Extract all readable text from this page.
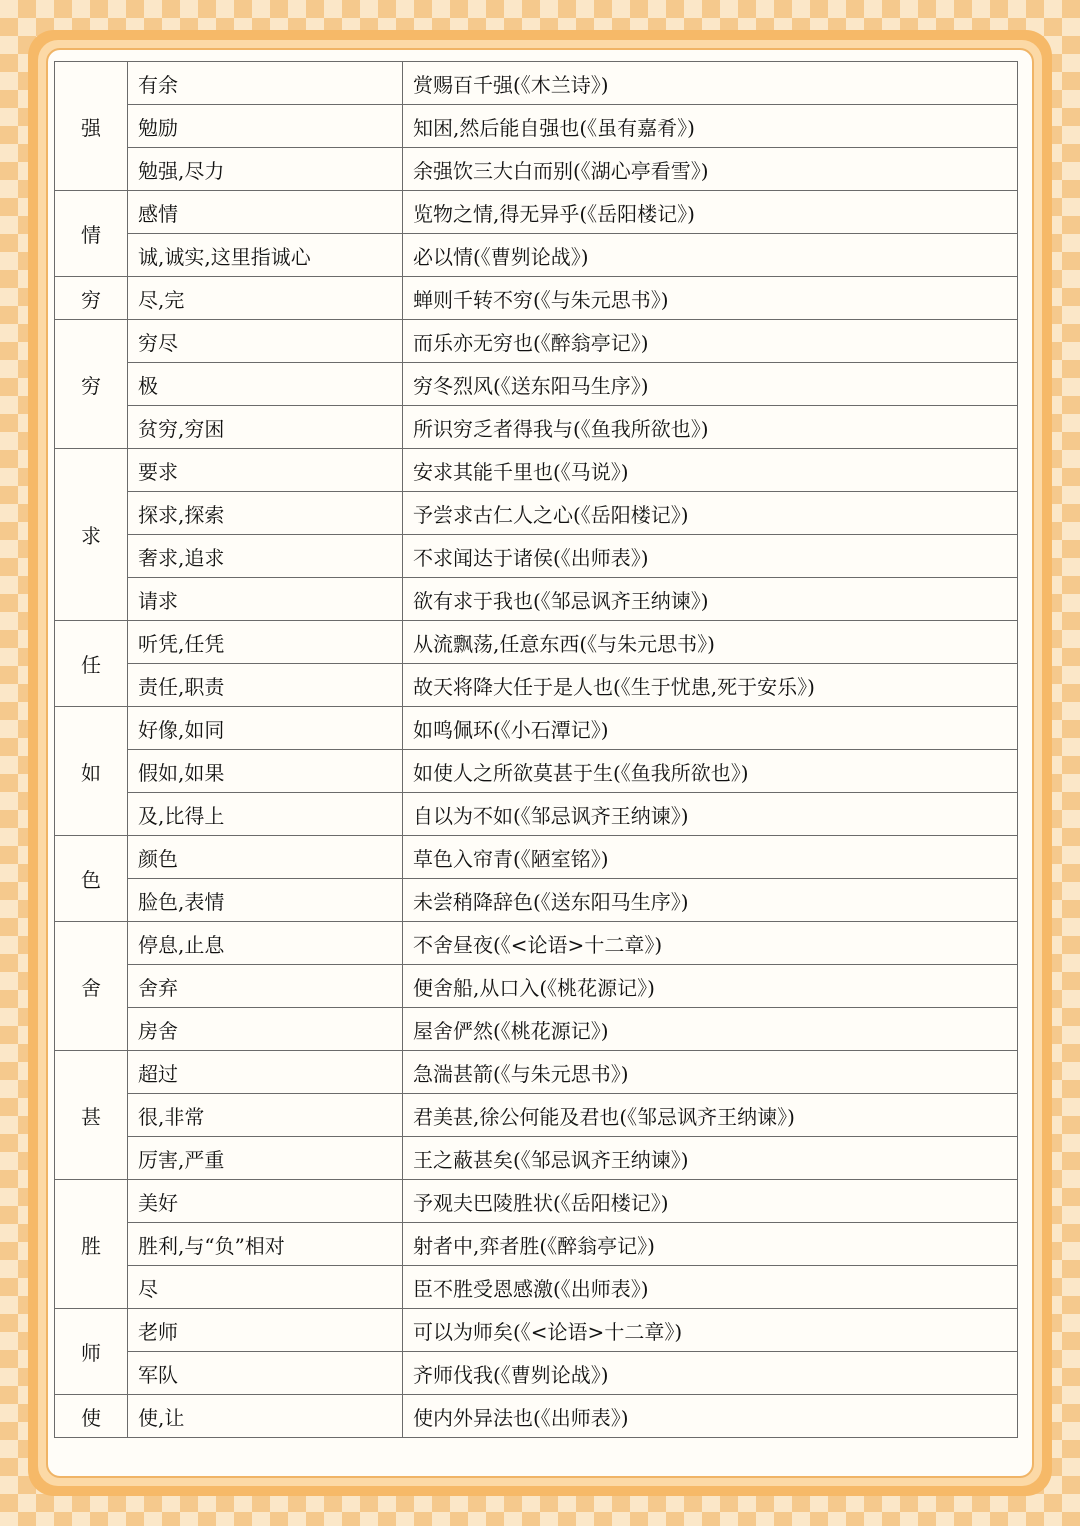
强	有余	赏赐百千强(《木兰诗》)
	勉励	知困,然后能自强也(《虽有嘉肴》)
	勉强,尽力	余强饮三大白而别(《湖心亭看雪》)
情	感情	览物之情,得无异乎(《岳阳楼记》)
	诚,诚实,这里指诚心	必以情(《曹刿论战》)
穷	尽,完	蝉则千转不穷(《与朱元思书》)
穷	穷尽	而乐亦无穷也(《醉翁亭记》)
	极	穷冬烈风(《送东阳马生序》)
	贫穷,穷困	所识穷乏者得我与(《鱼我所欲也》)
求	要求	安求其能千里也(《马说》)
	探求,探索	予尝求古仁人之心(《岳阳楼记》)
	奢求,追求	不求闻达于诸侯(《出师表》)
	请求	欲有求于我也(《邹忌讽齐王纳谏》)
任	听凭,任凭	从流飘荡,任意东西(《与朱元思书》)
	责任,职责	故天将降大任于是人也(《生于忧患,死于安乐》)
如	好像,如同	如鸣佩环(《小石潭记》)
	假如,如果	如使人之所欲莫甚于生(《鱼我所欲也》)
	及,比得上	自以为不如(《邹忌讽齐王纳谏》)
色	颜色	草色入帘青(《陋室铭》)
	脸色,表情	未尝稍降辞色(《送东阳马生序》)
舍	停息,止息	不舍昼夜(《<论语>十二章》)
	舍弃	便舍船,从口入(《桃花源记》)
	房舍	屋舍俨然(《桃花源记》)
甚	超过	急湍甚箭(《与朱元思书》)
	很,非常	君美甚,徐公何能及君也(《邹忌讽齐王纳谏》)
	厉害,严重	王之蔽甚矣(《邹忌讽齐王纳谏》)
胜	美好	予观夫巴陵胜状(《岳阳楼记》)
	胜利,与“负”相对	射者中,弈者胜(《醉翁亭记》)
	尽	臣不胜受恩感激(《出师表》)
师	老师	可以为师矣(《<论语>十二章》)
	军队	齐师伐我(《曹刿论战》)
使	使,让	使内外异法也(《出师表》)
